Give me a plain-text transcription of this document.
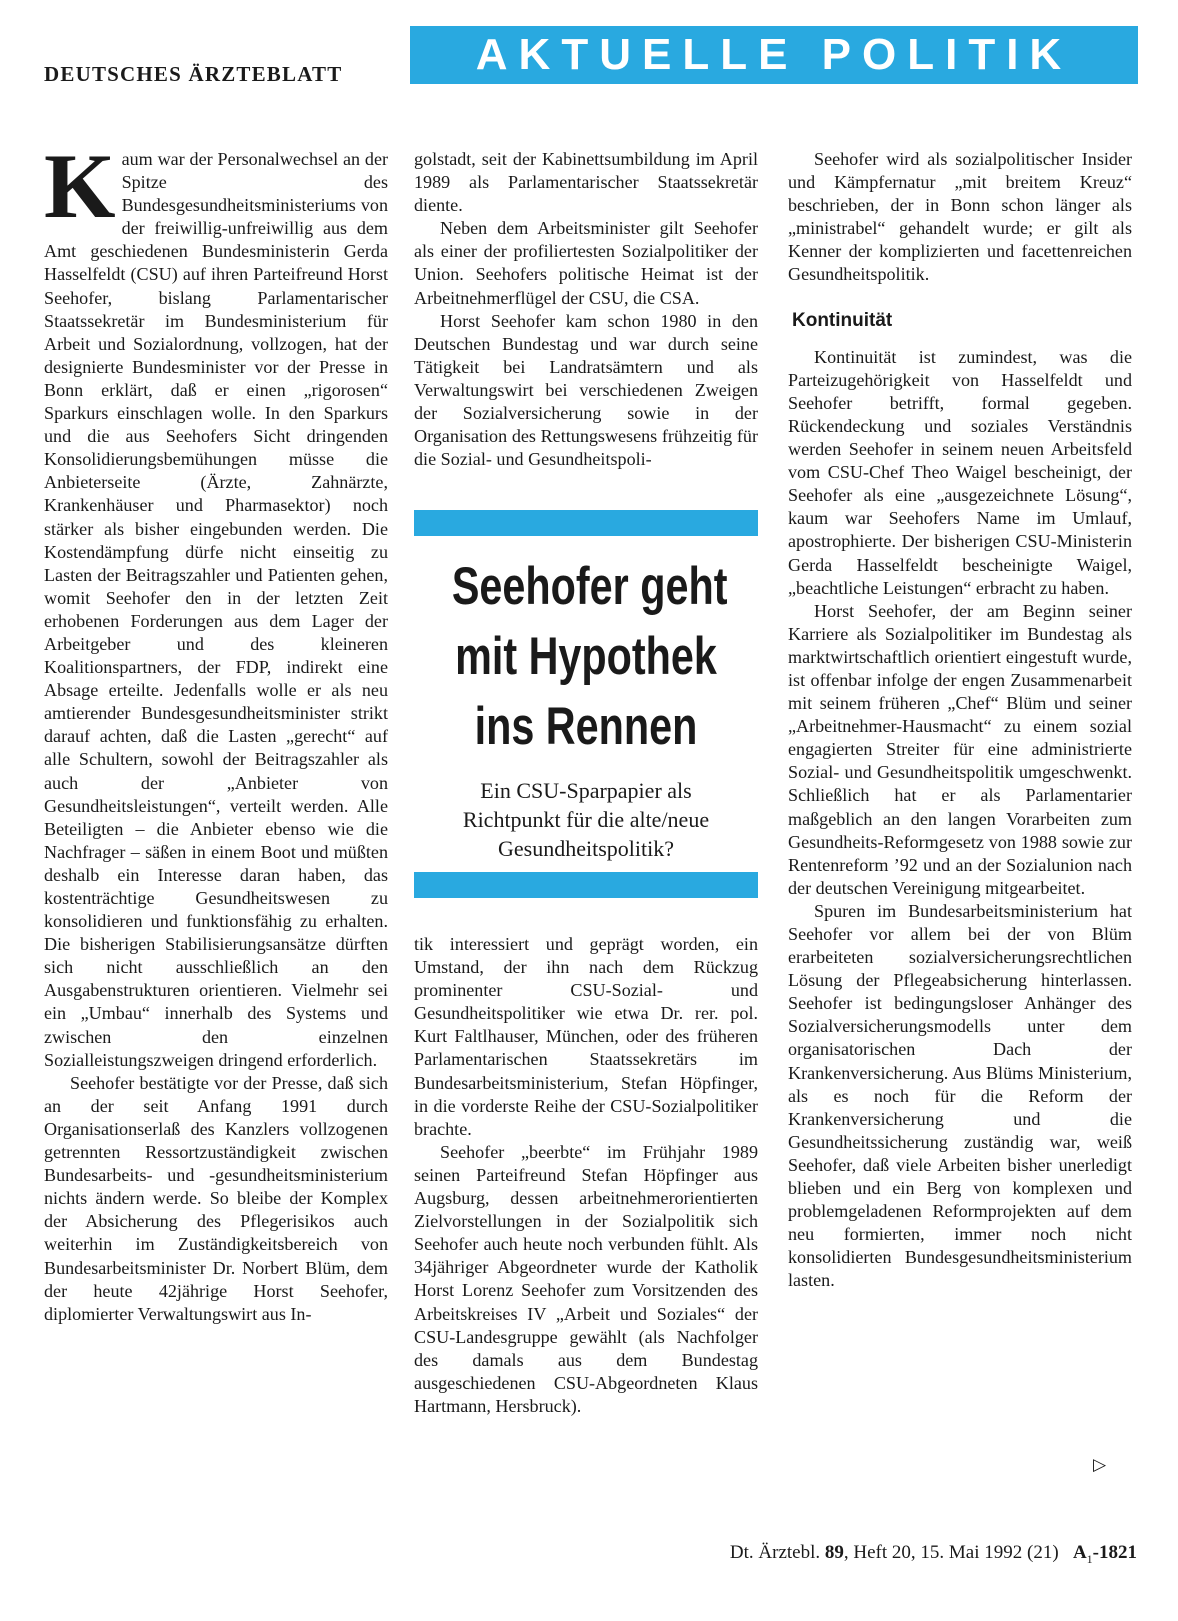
DEUTSCHES ÄRZTEBLATT	AKTUELLE POLITIK

Kaum war der Personalwechsel an der Spitze des Bundesgesundheitsministeriums von der freiwillig-unfreiwillig aus dem Amt geschiedenen Bundesministerin Gerda Hasselfeldt (CSU) auf ihren Parteifreund Horst Seehofer, bislang Parlamentarischer Staatssekretär im Bundesministerium für Arbeit und Sozialordnung, vollzogen, hat der designierte Bundesminister vor der Presse in Bonn erklärt, daß er einen „rigorosen“ Sparkurs einschlagen wolle. In den Sparkurs und die aus Seehofers Sicht dringenden Konsolidierungsbemühungen müsse die Anbieterseite (Ärzte, Zahnärzte, Krankenhäuser und Pharmasektor) noch stärker als bisher eingebunden werden. Die Kostendämpfung dürfe nicht einseitig zu Lasten der Beitragszahler und Patienten gehen, womit Seehofer den in der letzten Zeit erhobenen Forderungen aus dem Lager der Arbeitgeber und des kleineren Koalitionspartners, der FDP, indirekt eine Absage erteilte. Jedenfalls wolle er als neu amtierender Bundesgesundheitsminister strikt darauf achten, daß die Lasten „gerecht“ auf alle Schultern, sowohl der Beitragszahler als auch der „Anbieter von Gesundheitsleistungen“, verteilt werden. Alle Beteiligten – die Anbieter ebenso wie die Nachfrager – säßen in einem Boot und müßten deshalb ein Interesse daran haben, das kostenträchtige Gesundheitswesen zu konsolidieren und funktionsfähig zu erhalten. Die bisherigen Stabilisierungsansätze dürften sich nicht ausschließlich an den Ausgabenstrukturen orientieren. Vielmehr sei ein „Umbau“ innerhalb des Systems und zwischen den einzelnen Sozialleistungszweigen dringend erforderlich.

Seehofer bestätigte vor der Presse, daß sich an der seit Anfang 1991 durch Organisationserlaß des Kanzlers vollzogenen getrennten Ressortzuständigkeit zwischen Bundesarbeits- und -gesundheitsministerium nichts ändern werde. So bleibe der Komplex der Absicherung des Pflegerisikos auch weiterhin im Zuständigkeitsbereich von Bundesarbeitsminister Dr. Norbert Blüm, dem der heute 42jährige Horst Seehofer, diplomierter Verwaltungswirt aus In-

golstadt, seit der Kabinettsumbildung im April 1989 als Parlamentarischer Staatssekretär diente.

Neben dem Arbeitsminister gilt Seehofer als einer der profiliertesten Sozialpolitiker der Union. Seehofers politische Heimat ist der Arbeitnehmerflügel der CSU, die CSA.

Horst Seehofer kam schon 1980 in den Deutschen Bundestag und war durch seine Tätigkeit bei Landratsämtern und als Verwaltungswirt bei verschiedenen Zweigen der Sozialversicherung sowie in der Organisation des Rettungswesens frühzeitig für die Sozial- und Gesundheitspoli-

Seehofer geht
mit Hypothek
ins Rennen
Ein CSU-Sparpapier als
Richtpunkt für die alte/neue
Gesundheitspolitik?

tik interessiert und geprägt worden, ein Umstand, der ihn nach dem Rückzug prominenter CSU-Sozial- und Gesundheitspolitiker wie etwa Dr. rer. pol. Kurt Faltlhauser, München, oder des früheren Parlamentarischen Staatssekretärs im Bundesarbeitsministerium, Stefan Höpfinger, in die vorderste Reihe der CSU-Sozialpolitiker brachte.

Seehofer „beerbte“ im Frühjahr 1989 seinen Parteifreund Stefan Höpfinger aus Augsburg, dessen arbeitnehmerorientierten Zielvorstellungen in der Sozialpolitik sich Seehofer auch heute noch verbunden fühlt. Als 34jähriger Abgeordneter wurde der Katholik Horst Lorenz Seehofer zum Vorsitzenden des Arbeitskreises IV „Arbeit und Soziales“ der CSU-Landesgruppe gewählt (als Nachfolger des damals aus dem Bundestag ausgeschiedenen CSU-Abgeordneten Klaus Hartmann, Hersbruck).

Seehofer wird als sozialpolitischer Insider und Kämpfernatur „mit breitem Kreuz“ beschrieben, der in Bonn schon länger als „ministrabel“ gehandelt wurde; er gilt als Kenner der komplizierten und facettenreichen Gesundheitspolitik.

Kontinuität

Kontinuität ist zumindest, was die Parteizugehörigkeit von Hasselfeldt und Seehofer betrifft, formal gegeben. Rückendeckung und soziales Verständnis werden Seehofer in seinem neuen Arbeitsfeld vom CSU-Chef Theo Waigel bescheinigt, der Seehofer als eine „ausgezeichnete Lösung“, kaum war Seehofers Name im Umlauf, apostrophierte. Der bisherigen CSU-Ministerin Gerda Hasselfeldt bescheinigte Waigel, „beachtliche Leistungen“ erbracht zu haben.

Horst Seehofer, der am Beginn seiner Karriere als Sozialpolitiker im Bundestag als marktwirtschaftlich orientiert eingestuft wurde, ist offenbar infolge der engen Zusammenarbeit mit seinem früheren „Chef“ Blüm und seiner „Arbeitnehmer-Hausmacht“ zu einem sozial engagierten Streiter für eine administrierte Sozial- und Gesundheitspolitik umgeschwenkt. Schließlich hat er als Parlamentarier maßgeblich an den langen Vorarbeiten zum Gesundheits-Reformgesetz von 1988 sowie zur Rentenreform ’92 und an der Sozialunion nach der deutschen Vereinigung mitgearbeitet.

Spuren im Bundesarbeitsministerium hat Seehofer vor allem bei der von Blüm erarbeiteten sozialversicherungsrechtlichen Lösung der Pflegeabsicherung hinterlassen. Seehofer ist bedingungsloser Anhänger des Sozialversicherungsmodells unter dem organisatorischen Dach der Krankenversicherung. Aus Blüms Ministerium, als es noch für die Reform der Krankenversicherung und die Gesundheitssicherung zuständig war, weiß Seehofer, daß viele Arbeiten bisher unerledigt blieben und ein Berg von komplexen und problemgeladenen Reformprojekten auf dem neu formierten, immer noch nicht konsolidierten Bundesgesundheitsministerium lasten.

▷
Dt. Ärztebl. 89, Heft 20, 15. Mai 1992 (21) $A_1-1821$
